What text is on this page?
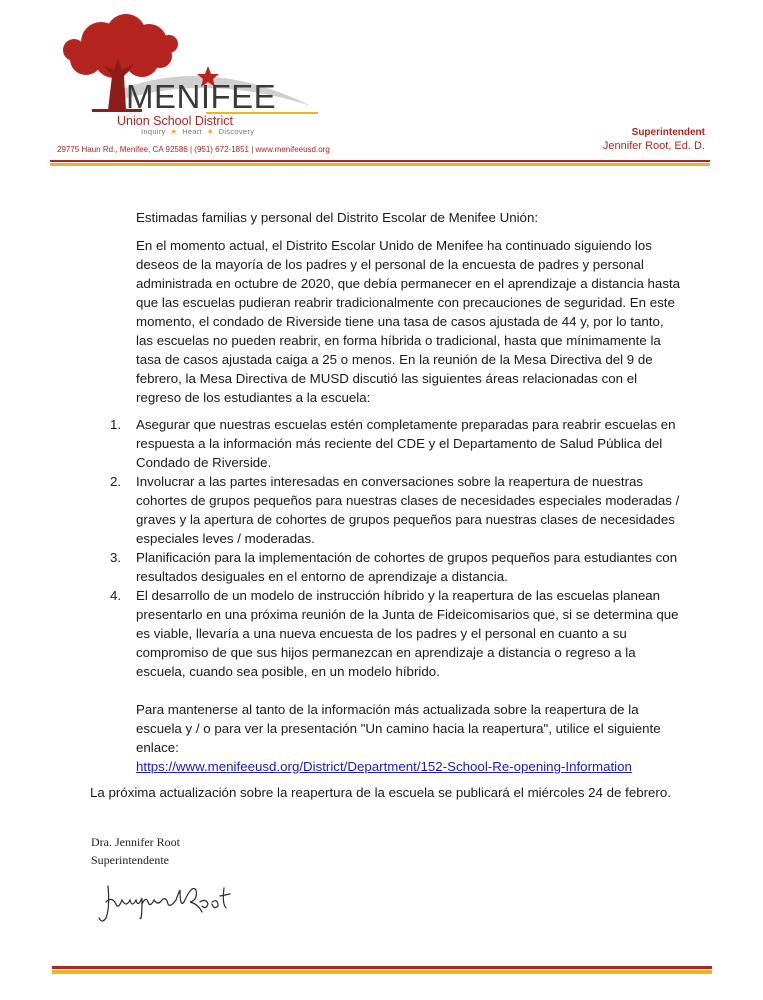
MENIFEE
Union School District
Inquiry  ★  Heart  ★  Discovery
29775 Haun Rd., Menifee, CA 92586 | (951) 672-1851 | www.menifeeusd.org
Superintendent
Jennifer Root, Ed. D.

Estimadas familias y personal del Distrito Escolar de Menifee Unión:

En el momento actual, el Distrito Escolar Unido de Menifee ha continuado siguiendo los deseos de la mayoría de los padres y el personal de la encuesta de padres y personal administrada en octubre de 2020, que debía permanecer en el aprendizaje a distancia hasta que las escuelas pudieran reabrir tradicionalmente con precauciones de seguridad. En este momento, el condado de Riverside tiene una tasa de casos ajustada de 44 y, por lo tanto, las escuelas no pueden reabrir, en forma híbrida o tradicional, hasta que mínimamente la tasa de casos ajustada caiga a 25 o menos. En la reunión de la Mesa Directiva del 9 de febrero, la Mesa Directiva de MUSD discutió las siguientes áreas relacionadas con el regreso de los estudiantes a la escuela:

1. Asegurar que nuestras escuelas estén completamente preparadas para reabrir escuelas en respuesta a la información más reciente del CDE y el Departamento de Salud Pública del Condado de Riverside.
2. Involucrar a las partes interesadas en conversaciones sobre la reapertura de nuestras cohortes de grupos pequeños para nuestras clases de necesidades especiales moderadas / graves y la apertura de cohortes de grupos pequeños para nuestras clases de necesidades especiales leves / moderadas.
3. Planificación para la implementación de cohortes de grupos pequeños para estudiantes con resultados desiguales en el entorno de aprendizaje a distancia.
4. El desarrollo de un modelo de instrucción híbrido y la reapertura de las escuelas planean presentarlo en una próxima reunión de la Junta de Fideicomisarios que, si se determina que es viable, llevaría a una nueva encuesta de los padres y el personal en cuanto a su compromiso de que sus hijos permanezcan en aprendizaje a distancia o regreso a la escuela, cuando sea posible, en un modelo híbrido.

Para mantenerse al tanto de la información más actualizada sobre la reapertura de la escuela y / o para ver la presentación "Un camino hacia la reapertura", utilice el siguiente enlace:

https://www.menifeeusd.org/District/Department/152-School-Re-opening-Information

La próxima actualización sobre la reapertura de la escuela se publicará el miércoles 24 de febrero.

Dra. Jennifer Root
Superintendente
